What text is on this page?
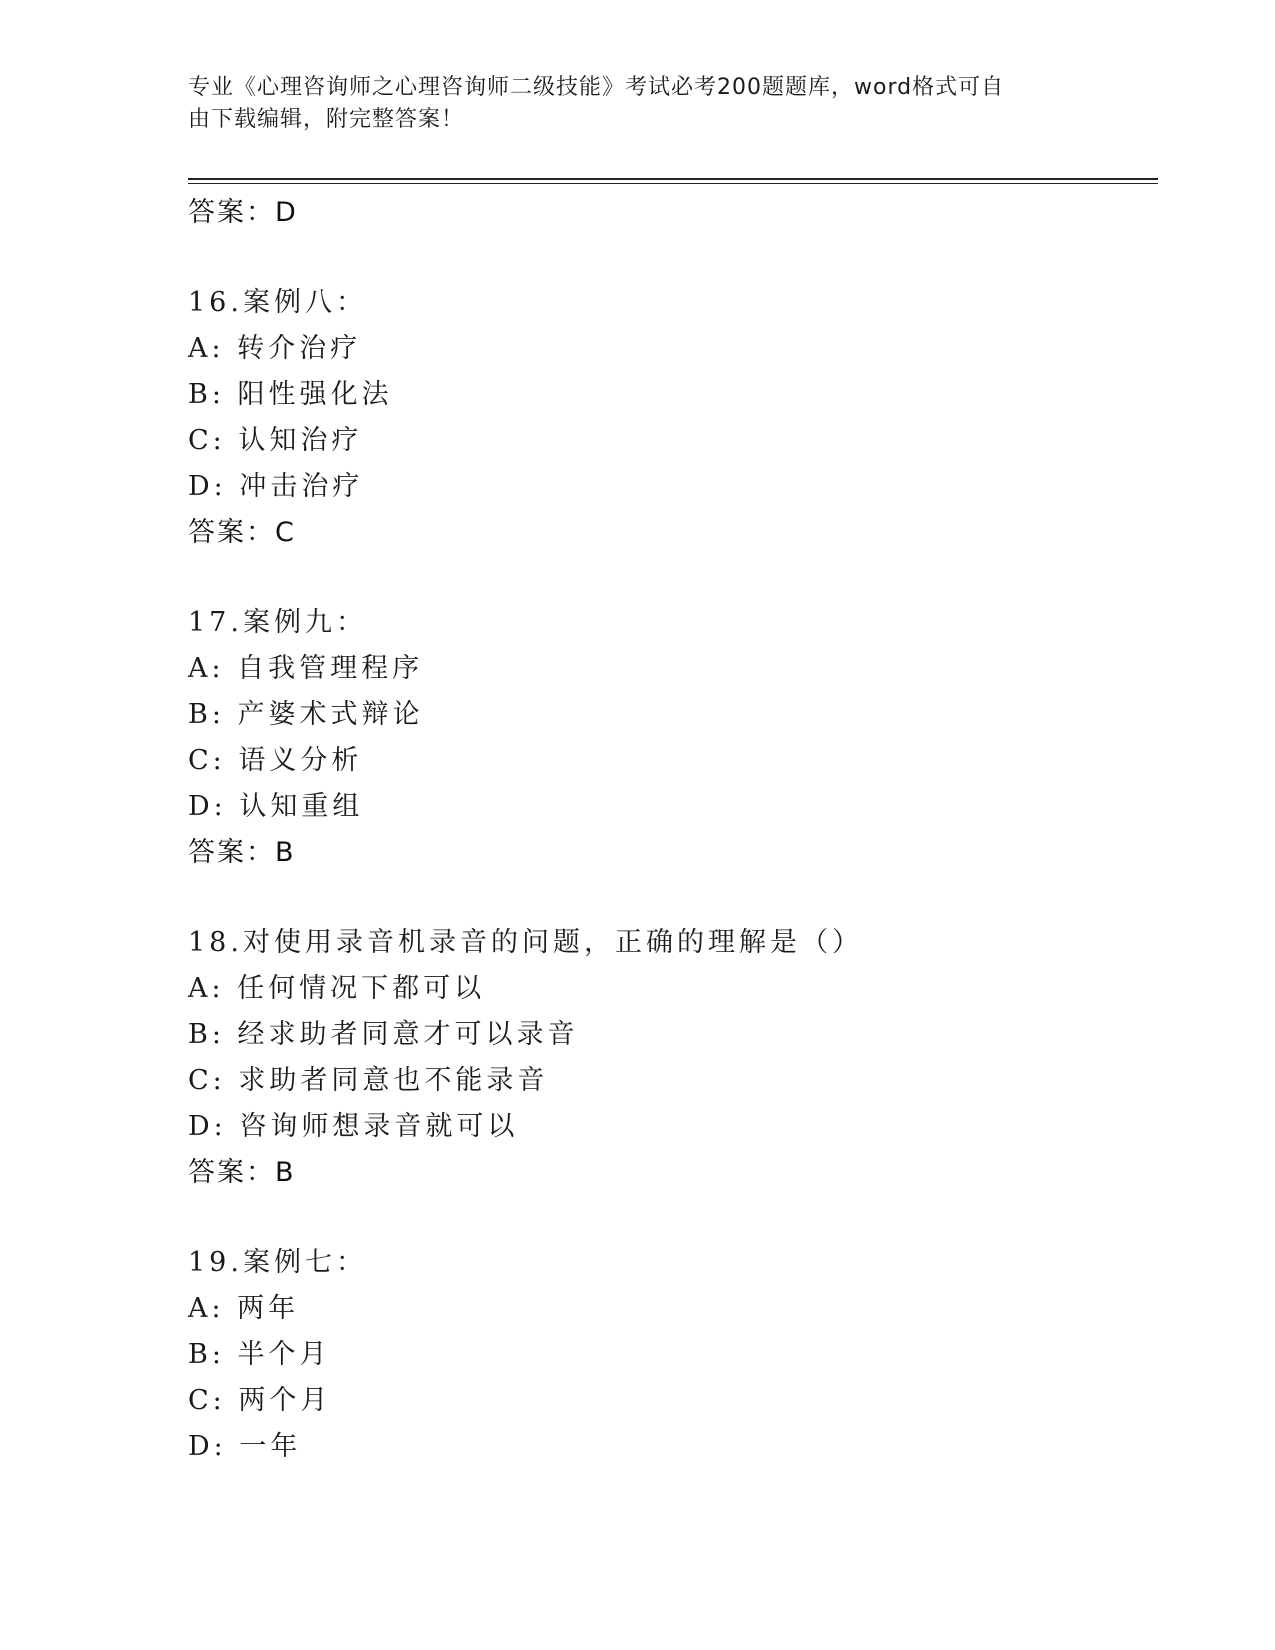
专业《心理咨询师之心理咨询师二级技能》考试必考200题题库，word格式可自
由下载编辑，附完整答案！
答案：D
16.案例八：
A: 转介治疗
B: 阳性强化法
C: 认知治疗
D: 冲击治疗
答案：C
17.案例九：
A: 自我管理程序
B: 产婆术式辩论
C: 语义分析
D: 认知重组
答案：B
18.对使用录音机录音的问题，正确的理解是（）
A: 任何情况下都可以
B: 经求助者同意才可以录音
C: 求助者同意也不能录音
D: 咨询师想录音就可以
答案：B
19.案例七：
A: 两年
B: 半个月
C: 两个月
D: 一年
